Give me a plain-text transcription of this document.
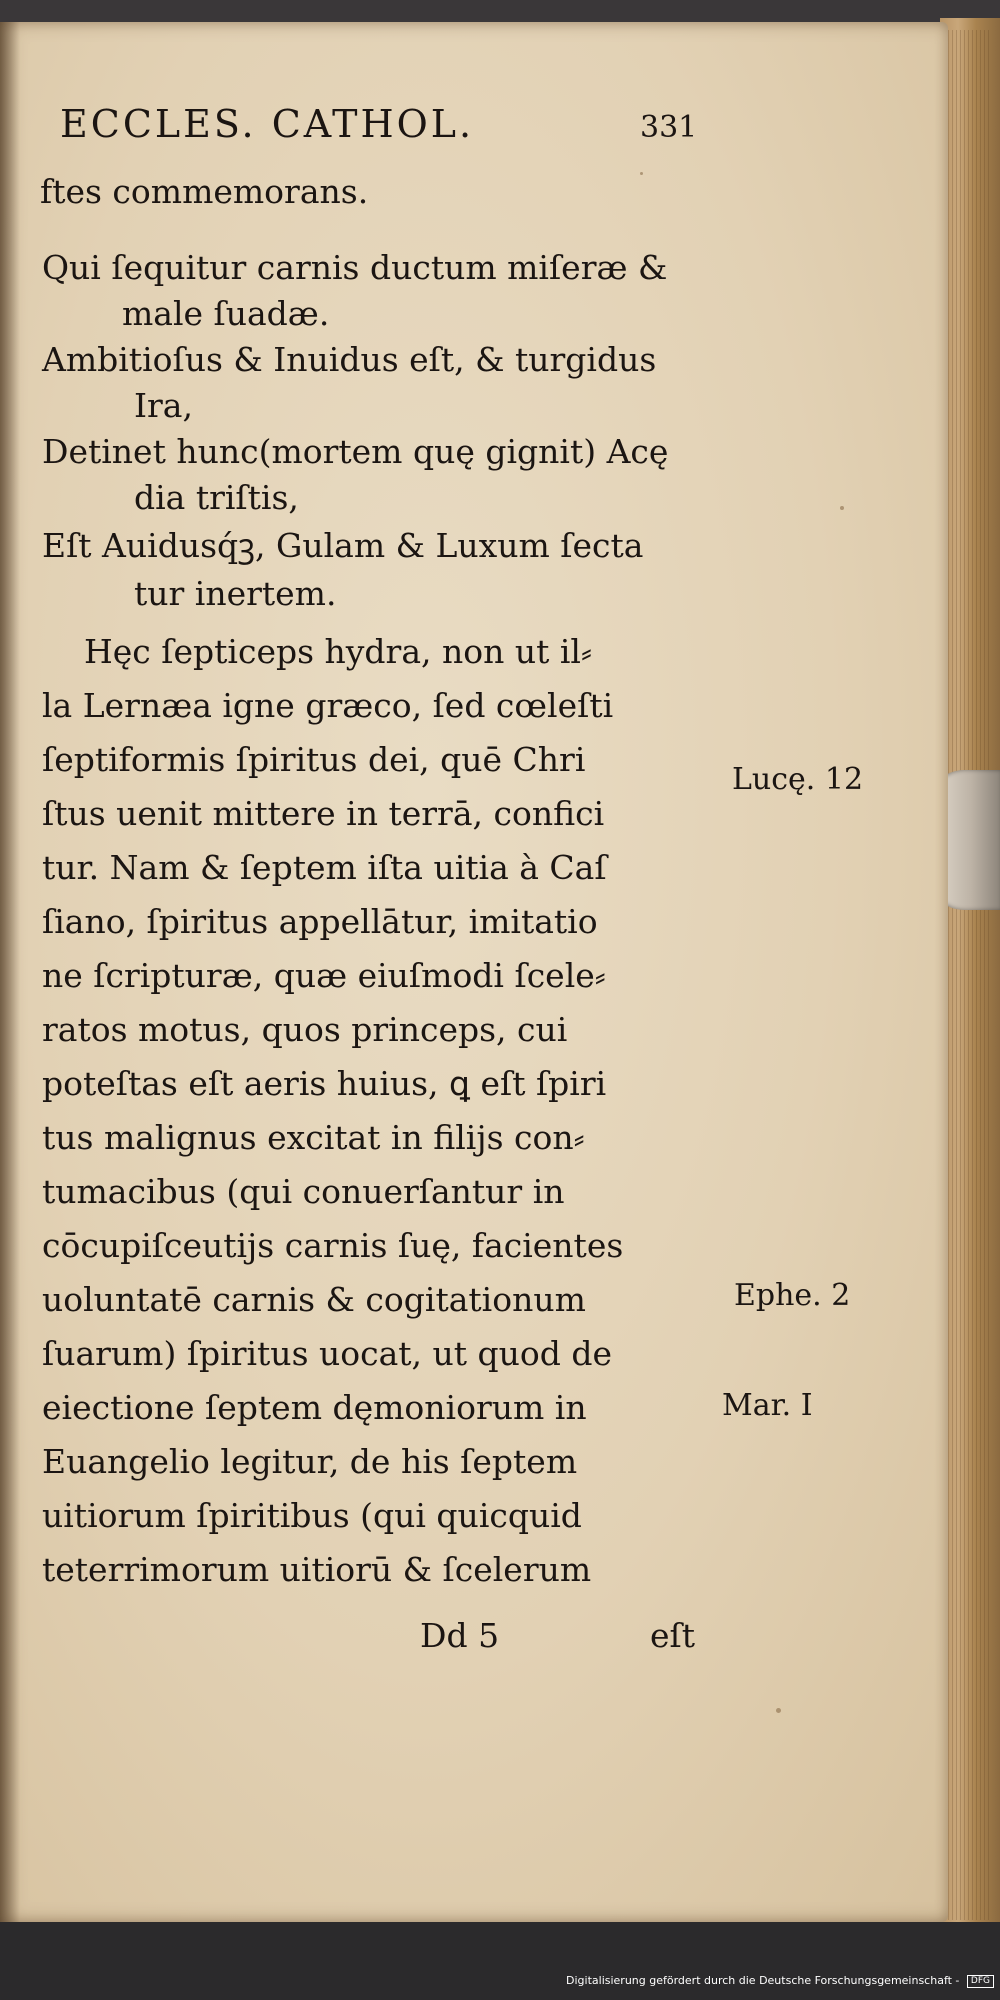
ECCLES. CATHOL.	331
ftes commemorans.
Qui ſequitur carnis ductum miſeræ &
male ſuadæ.
Ambitioſus & Inuidus eſt, & turgidus
Ira,
Detinet hunc(mortem quę gignit) Acę
dia triſtis,
Eſt Auidusq́ꝫ, Gulam & Luxum ſecta
tur inertem.
Hęc ſepticeps hydra, non ut il⸗
la Lernæa igne græco, ſed cœleſti
ſeptiformis ſpiritus dei, quē Chri
ſtus uenit mittere in terrā, confici
tur. Nam & ſeptem iſta uitia à Caſ
ſiano, ſpiritus appellātur, imitatio
ne ſcripturæ, quæ eiuſmodi ſcele⸗
ratos motus, quos princeps, cui
poteſtas eſt aeris huius, ꝗ eſt ſpiri
tus malignus excitat in filijs con⸗
tumacibus (qui conuerſantur in
cōcupiſceutijs carnis ſuę, facientes
uoluntatē carnis & cogitationum
ſuarum) ſpiritus uocat, ut quod de
eiectione ſeptem dęmoniorum in
Euangelio legitur, de his ſeptem
uitiorum ſpiritibus (qui quicquid
teterrimorum uitiorū & ſcelerum
Dd 5	eſt
Lucę. 12
Ephe. 2
Mar. I
Digitalisierung gefördert durch die Deutsche Forschungsgemeinschaft - DFG
